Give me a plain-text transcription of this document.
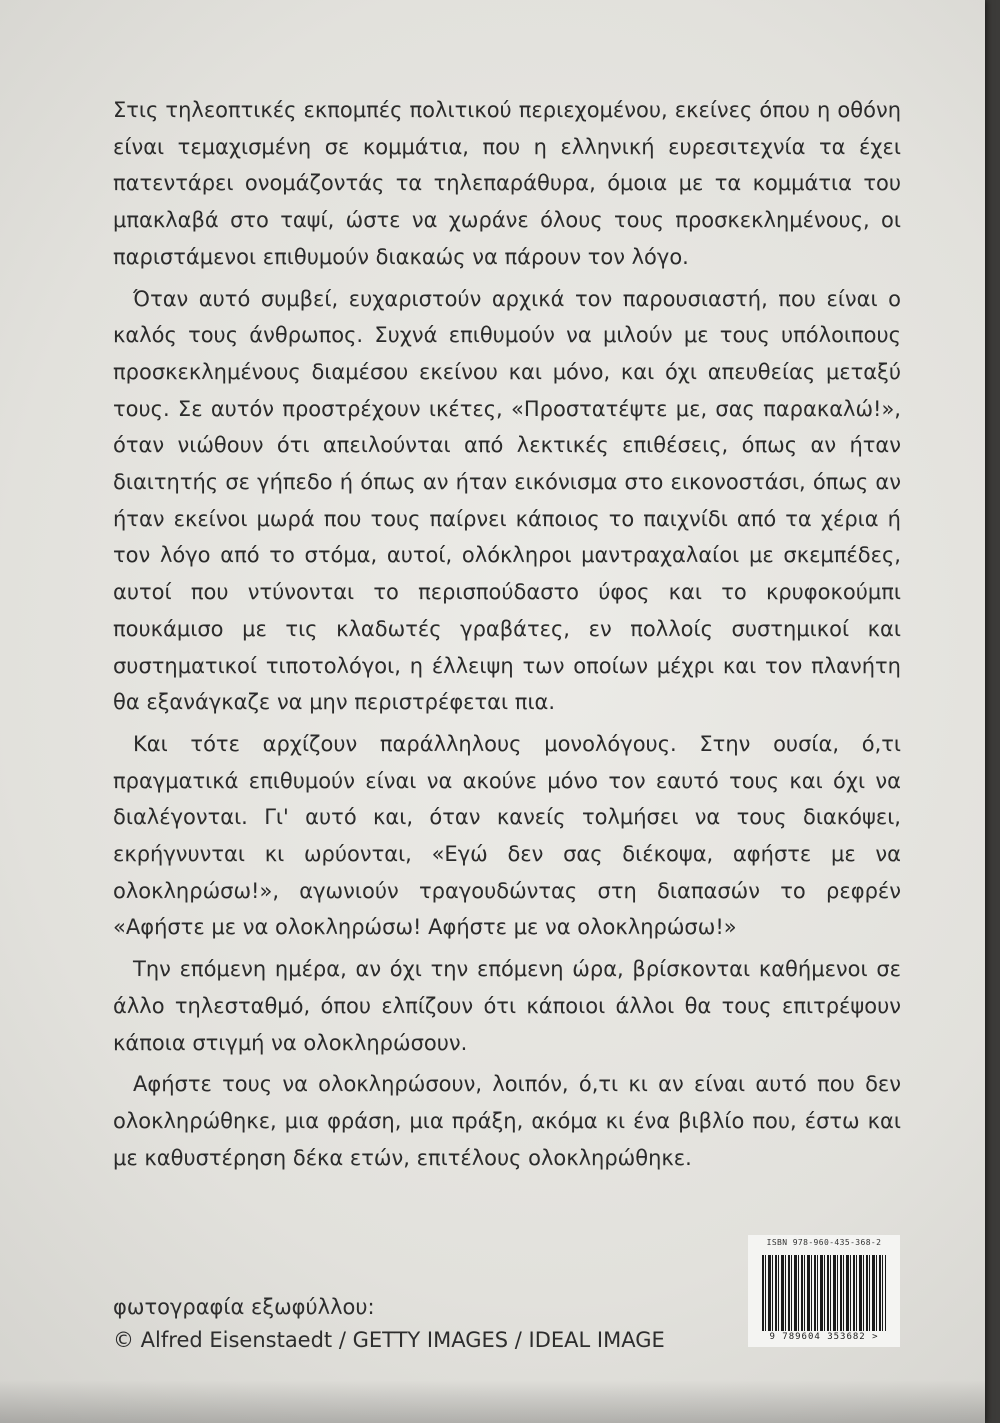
Στις τηλεοπτικές εκπομπές πολιτικού περιεχομένου, εκείνες όπου η οθόνη είναι τεμαχισμένη σε κομμάτια, που η ελληνική ευρεσιτεχνία τα έχει πατεντάρει ονομάζοντάς τα τηλεπαράθυρα, όμοια με τα κομμάτια του μπακλαβά στο ταψί, ώστε να χωράνε όλους τους προσκεκλημένους, οι παριστάμενοι επιθυμούν διακαώς να πάρουν τον λόγο.

Όταν αυτό συμβεί, ευχαριστούν αρχικά τον παρουσιαστή, που είναι ο καλός τους άνθρωπος. Συχνά επιθυμούν να μιλούν με τους υπόλοιπους προσκεκλημένους διαμέσου εκείνου και μόνο, και όχι απευθείας μεταξύ τους. Σε αυτόν προστρέχουν ικέτες, «Προστατέψτε με, σας παρακαλώ!», όταν νιώθουν ότι απειλούνται από λεκτικές επιθέσεις, όπως αν ήταν διαιτητής σε γήπεδο ή όπως αν ήταν εικόνισμα στο εικονοστάσι, όπως αν ήταν εκείνοι μωρά που τους παίρνει κάποιος το παιχνίδι από τα χέρια ή τον λόγο από το στόμα, αυτοί, ολόκληροι μαντραχαλαίοι με σκεμπέδες, αυτοί που ντύνονται το περισπούδαστο ύφος και το κρυφοκούμπι πουκάμισο με τις κλαδωτές γραβάτες, εν πολλοίς συστημικοί και συστηματικοί τιποτολόγοι, η έλλειψη των οποίων μέχρι και τον πλανήτη θα εξανάγκαζε να μην περιστρέφεται πια.

Και τότε αρχίζουν παράλληλους μονολόγους. Στην ουσία, ό,τι πραγματικά επιθυμούν είναι να ακούνε μόνο τον εαυτό τους και όχι να διαλέγονται. Γι' αυτό και, όταν κανείς τολμήσει να τους διακόψει, εκρήγνυνται κι ωρύονται, «Εγώ δεν σας διέκοψα, αφήστε με να ολοκληρώσω!», αγωνιούν τραγουδώντας στη διαπασών το ρεφρέν «Αφήστε με να ολοκληρώσω! Αφήστε με να ολοκληρώσω!»

Την επόμενη ημέρα, αν όχι την επόμενη ώρα, βρίσκονται καθήμενοι σε άλλο τηλεσταθμό, όπου ελπίζουν ότι κάποιοι άλλοι θα τους επιτρέψουν κάποια στιγμή να ολοκληρώσουν.

Αφήστε τους να ολοκληρώσουν, λοιπόν, ό,τι κι αν είναι αυτό που δεν ολοκληρώθηκε, μια φράση, μια πράξη, ακόμα κι ένα βιβλίο που, έστω και με καθυστέρηση δέκα ετών, επιτέλους ολοκληρώθηκε.

φωτογραφία εξωφύλλου:
© Alfred Eisenstaedt / GETTY IMAGES / IDEAL IMAGE
ISBN 978-960-435-368-2
9 789604 353682 >
